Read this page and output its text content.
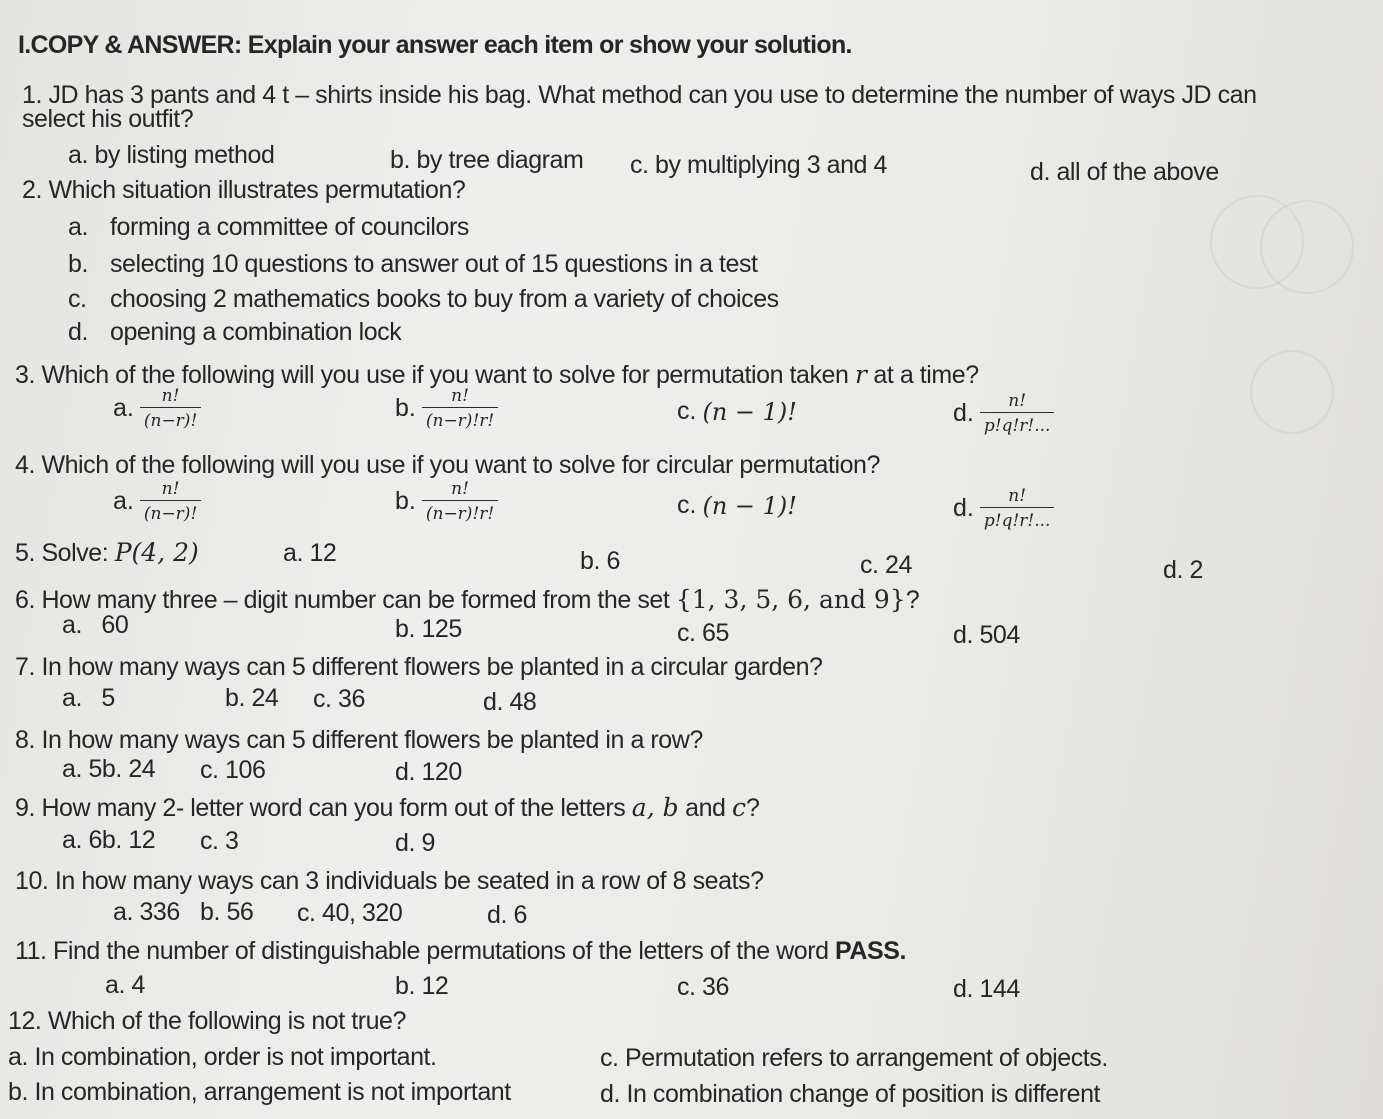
I.COPY & ANSWER: Explain your answer each item or show your solution.
1. JD has 3 pants and 4 t – shirts inside his bag. What method can you use to determine the number of ways JD can
select his outfit?
a. by listing method	b. by tree diagram c. by multiplying 3 and 4	d. all of the above
2. Which situation illustrates permutation?
a. forming a committee of councilors
b. selecting 10 questions to answer out of 15 questions in a test
c. choosing 2 mathematics books to buy from a variety of choices
d. opening a combination lock
3. Which of the following will you use if you want to solve for permutation taken r at a time?
a. $\frac{n!}{(n-r)!}$	b. $\frac{n!}{(n-r)!r!}$	c. (n − 1)!	d. $\frac{n!}{p!q!r!...}$
4. Which of the following will you use if you want to solve for circular permutation?
a. $\frac{n!}{(n-r)!}$	b. $\frac{n!}{(n-r)!r!}$	c. (n − 1)!	d. $\frac{n!}{p!q!r!...}$
5. Solve: P(4, 2)	a. 12	b. 6	c. 24	d. 2
6. How many three – digit number can be formed from the set {1, 3, 5, 6, and 9}?
a.   60	b. 125	c. 65	d. 504
7. In how many ways can 5 different flowers be planted in a circular garden?
a.   5	b. 24 c. 36	d. 48
8. In how many ways can 5 different flowers be planted in a row?
a. 5b. 24 c. 106	d. 120
9. How many 2- letter word can you form out of the letters a, b and c?
a. 6b. 12 c. 3	d. 9
10. In how many ways can 3 individuals be seated in a row of 8 seats?
a. 336 b. 56 c. 40, 320	d. 6
11. Find the number of distinguishable permutations of the letters of the word PASS.
a. 4	b. 12	c. 36	d. 144
12. Which of the following is not true?
a. In combination, order is not important.
b. In combination, arrangement is not important
c. Permutation refers to arrangement of objects.
d. In combination change of position is different
